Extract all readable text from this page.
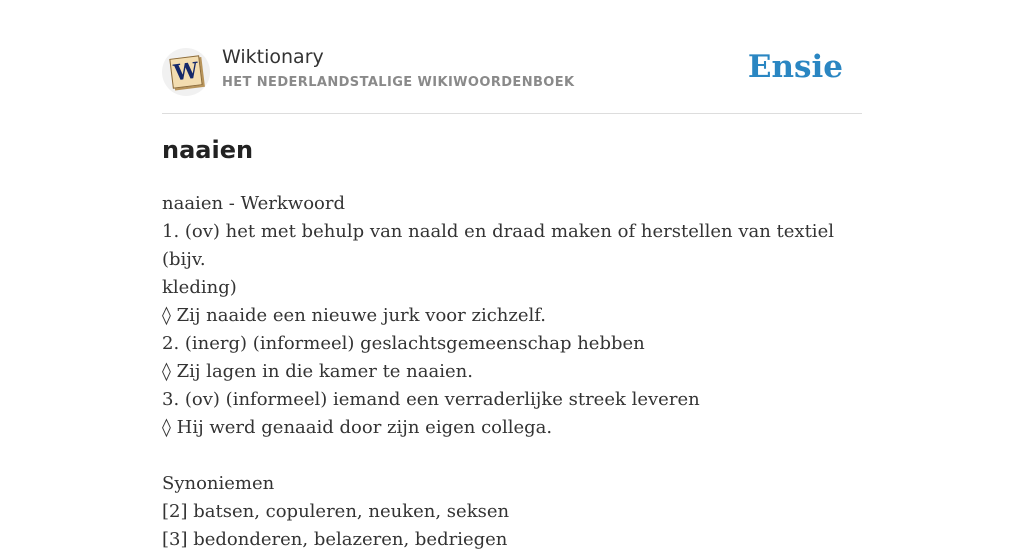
W
Wiktionary
HET NEDERLANDSTALIGE WIKIWOORDENBOEK	Ensie
naaien
naaien - Werkwoord
1. (ov) het met behulp van naald en draad maken of herstellen van textiel (bijv.
kleding)
◊ Zij naaide een nieuwe jurk voor zichzelf.
2. (inerg) (informeel) geslachtsgemeenschap hebben
◊ Zij lagen in die kamer te naaien.
3. (ov) (informeel) iemand een verraderlijke streek leveren
◊ Hij werd genaaid door zijn eigen collega.
Synoniemen
[2] batsen, copuleren, neuken, seksen
[3] bedonderen, belazeren, bedriegen
